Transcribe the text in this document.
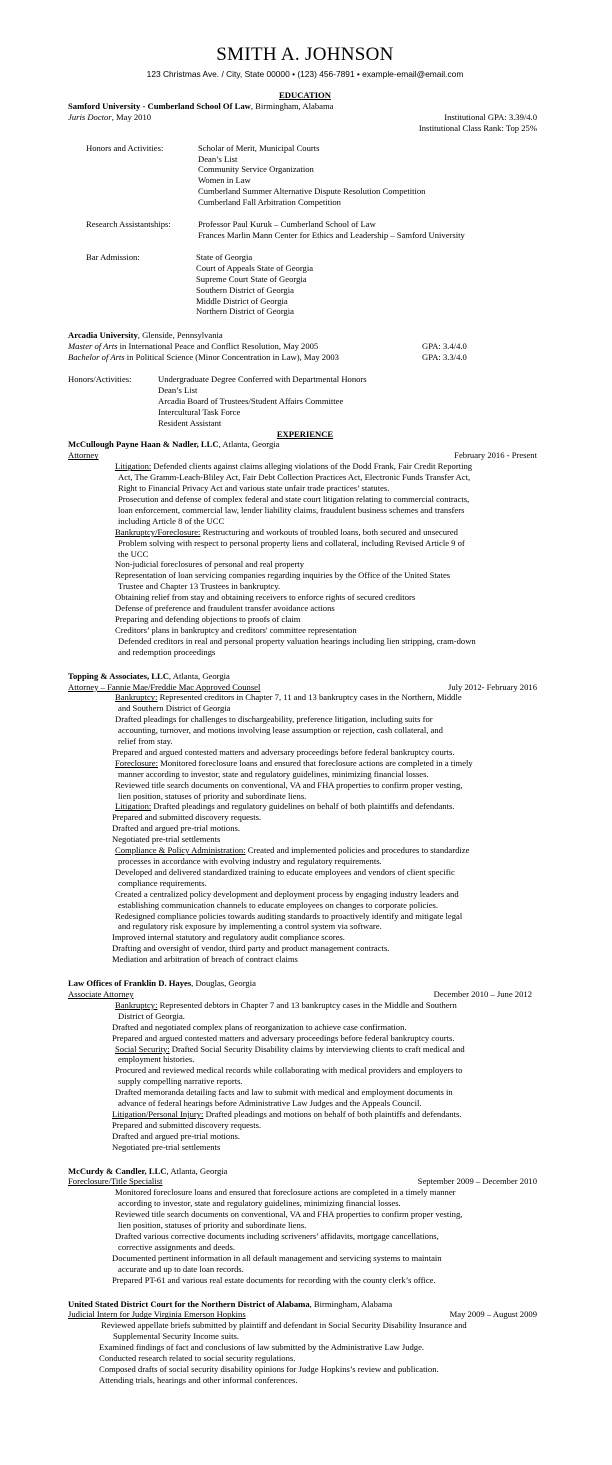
SMITH A. JOHNSON
123 Christmas Ave. / City, State 00000 • (123) 456-7891 • example-email@email.com
EDUCATION
Samford University - Cumberland School Of Law, Birmingham, Alabama
Juris Doctor, May 2010	Institutional GPA: 3.39/4.0
Institutional Class Rank: Top 25%
Honors and Activities:	Scholar of Merit, Municipal Courts
Dean’s List
Community Service Organization
Women in Law
Cumberland Summer Alternative Dispute Resolution Competition
Cumberland Fall Arbitration Competition
Research Assistantships:	Professor Paul Kuruk – Cumberland School of Law
Frances Marlin Mann Center for Ethics and Leadership – Samford University
Bar Admission:	State of Georgia
Court of Appeals State of Georgia
Supreme Court State of Georgia
Southern District of Georgia
Middle District of Georgia
Northern District of Georgia
Arcadia University, Glenside, Pennsylvania
Master of Arts in International Peace and Conflict Resolution, May 2005	GPA: 3.4/4.0
Bachelor of Arts in Political Science (Minor Concentration in Law), May 2003	GPA: 3.3/4.0
Honors/Activities:	Undergraduate Degree Conferred with Departmental Honors
Dean’s List
Arcadia Board of Trustees/Student Affairs Committee
Intercultural Task Force
Resident Assistant
EXPERIENCE
McCullough Payne Haan & Nadler, LLC, Atlanta, Georgia
Attorney	February 2016 - Present
Litigation: Defended clients against claims alleging violations of the Dodd Frank, Fair Credit Reporting
Act, The Gramm-Leach-Bliley Act, Fair Debt Collection Practices Act, Electronic Funds Transfer Act,
Right to Financial Privacy Act and various state unfair trade practices’ statutes.
Prosecution and defense of complex federal and state court litigation relating to commercial contracts,
loan enforcement, commercial law, lender liability claims, fraudulent business schemes and transfers
including Article 8 of the UCC
Bankruptcy/Foreclosure: Restructuring and workouts of troubled loans, both secured and unsecured
Problem solving with respect to personal property liens and collateral, including Revised Article 9 of
the UCC
Non-judicial foreclosures of personal and real property
Representation of loan servicing companies regarding inquiries by the Office of the United States
Trustee and Chapter 13 Trustees in bankruptcy.
Obtaining relief from stay and obtaining receivers to enforce rights of secured creditors
Defense of preference and fraudulent transfer avoidance actions
Preparing and defending objections to proofs of claim
Creditors’ plans in bankruptcy and creditors' committee representation
Defended creditors in real and personal property valuation hearings including lien stripping, cram-down
and redemption proceedings
Topping & Associates, LLC, Atlanta, Georgia
Attorney – Fannie Mae/Freddie Mac Approved Counsel	July 2012- February 2016
Bankruptcy: Represented creditors in Chapter 7, 11 and 13 bankruptcy cases in the Northern, Middle
and Southern District of Georgia
Drafted pleadings for challenges to dischargeability, preference litigation, including suits for
accounting, turnover, and motions involving lease assumption or rejection, cash collateral, and
relief from stay.
Prepared and argued contested matters and adversary proceedings before federal bankruptcy courts.
Foreclosure: Monitored foreclosure loans and ensured that foreclosure actions are completed in a timely
manner according to investor, state and regulatory guidelines, minimizing financial losses.
Reviewed title search documents on conventional, VA and FHA properties to confirm proper vesting,
lien position, statuses of priority and subordinate liens.
Litigation: Drafted pleadings and regulatory guidelines on behalf of both plaintiffs and defendants.
Prepared and submitted discovery requests.
Drafted and argued pre-trial motions.
Negotiated pre-trial settlements
Compliance & Policy Administration: Created and implemented policies and procedures to standardize
processes in accordance with evolving industry and regulatory requirements.
Developed and delivered standardized training to educate employees and vendors of client specific
compliance requirements.
Created a centralized policy development and deployment process by engaging industry leaders and
establishing communication channels to educate employees on changes to corporate policies.
Redesigned compliance policies towards auditing standards to proactively identify and mitigate legal
and regulatory risk exposure by implementing a control system via software.
Improved internal statutory and regulatory audit compliance scores.
Drafting and oversight of vendor, third party and product management contracts.
Mediation and arbitration of breach of contract claims
Law Offices of Franklin D. Hayes, Douglas, Georgia
Associate Attorney	December 2010 – June 2012
Bankruptcy: Represented debtors in Chapter 7 and 13 bankruptcy cases in the Middle and Southern
District of Georgia.
Drafted and negotiated complex plans of reorganization to achieve case confirmation.
Prepared and argued contested matters and adversary proceedings before federal bankruptcy courts.
Social Security: Drafted Social Security Disability claims by interviewing clients to craft medical and
employment histories.
Procured and reviewed medical records while collaborating with medical providers and employers to
supply compelling narrative reports.
Drafted memoranda detailing facts and law to submit with medical and employment documents in
advance of federal hearings before Administrative Law Judges and the Appeals Council.
Litigation/Personal Injury: Drafted pleadings and motions on behalf of both plaintiffs and defendants.
Prepared and submitted discovery requests.
Drafted and argued pre-trial motions.
Negotiated pre-trial settlements
McCurdy & Candler, LLC, Atlanta, Georgia
Foreclosure/Title Specialist	September 2009 – December 2010
Monitored foreclosure loans and ensured that foreclosure actions are completed in a timely manner
according to investor, state and regulatory guidelines, minimizing financial losses.
Reviewed title search documents on conventional, VA and FHA properties to confirm proper vesting,
lien position, statuses of priority and subordinate liens.
Drafted various corrective documents including scriveners’ affidavits, mortgage cancellations,
corrective assignments and deeds.
Documented pertinent information in all default management and servicing systems to maintain
accurate and up to date loan records.
Prepared PT-61 and various real estate documents for recording with the county clerk’s office.
United Stated District Court for the Northern District of Alabama, Birmingham, Alabama
Judicial Intern for Judge Virginia Emerson Hopkins	May 2009 – August 2009
Reviewed appellate briefs submitted by plaintiff and defendant in Social Security Disability Insurance and
Supplemental Security Income suits.
Examined findings of fact and conclusions of law submitted by the Administrative Law Judge.
Conducted research related to social security regulations.
Composed drafts of social security disability opinions for Judge Hopkins’s review and publication.
Attending trials, hearings and other informal conferences.
